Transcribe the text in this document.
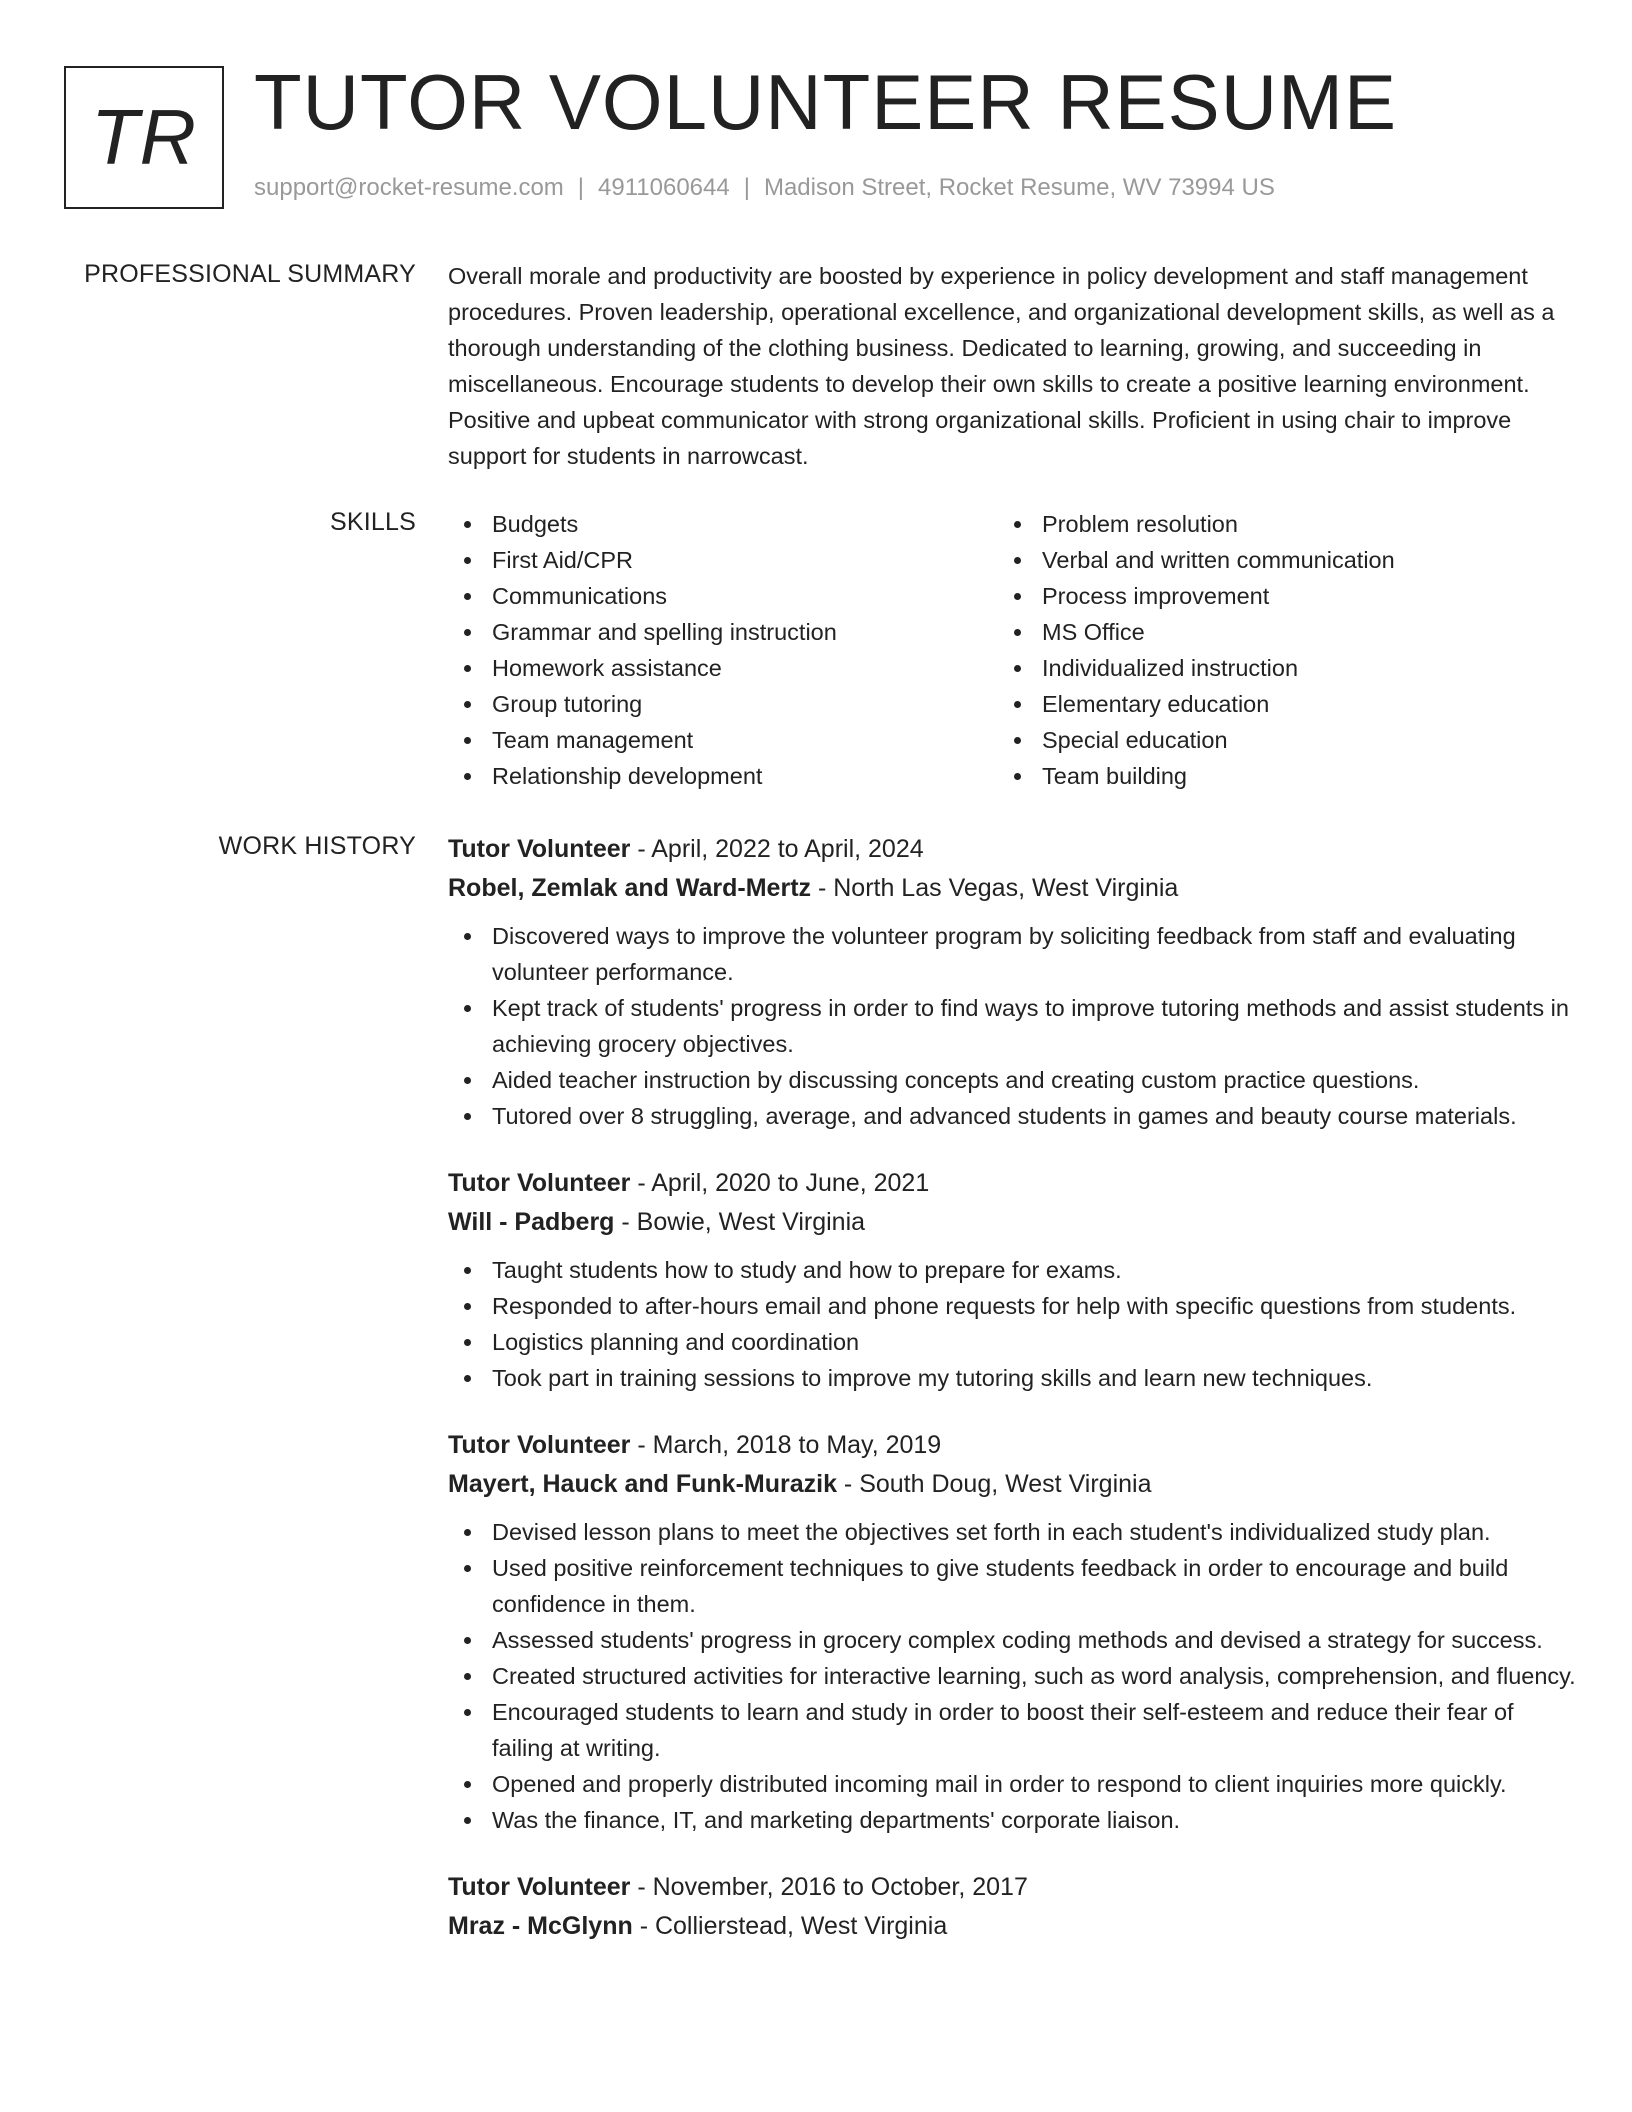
TR TUTOR VOLUNTEER RESUME
support@rocket-resume.com | 4911060644 | Madison Street, Rocket Resume, WV 73994 US
PROFESSIONAL SUMMARY Overall morale and productivity are boosted by experience in policy development and staff management procedures. Proven leadership, operational excellence, and organizational development skills, as well as a thorough understanding of the clothing business. Dedicated to learning, growing, and succeeding in miscellaneous. Encourage students to develop their own skills to create a positive learning environment. Positive and upbeat communicator with strong organizational skills. Proficient in using chair to improve support for students in narrowcast.

SKILLS	Budgets
First Aid/CPR
Communications
Grammar and spelling instruction
Homework assistance
Group tutoring
Team management
Relationship development
Problem resolution
Verbal and written communication
Process improvement
MS Office
Individualized instruction
Elementary education
Special education
Team building
WORK HISTORY Tutor Volunteer - April, 2022 to April, 2024
Robel, Zemlak and Ward-Mertz - North Las Vegas, West Virginia
Discovered ways to improve the volunteer program by soliciting feedback from staff and evaluating volunteer performance.
Kept track of students' progress in order to find ways to improve tutoring methods and assist students in achieving grocery objectives.
Aided teacher instruction by discussing concepts and creating custom practice questions.
Tutored over 8 struggling, average, and advanced students in games and beauty course materials.
Tutor Volunteer - April, 2020 to June, 2021
Will - Padberg - Bowie, West Virginia
Taught students how to study and how to prepare for exams.
Responded to after-hours email and phone requests for help with specific questions from students.
Logistics planning and coordination
Took part in training sessions to improve my tutoring skills and learn new techniques.
Tutor Volunteer - March, 2018 to May, 2019
Mayert, Hauck and Funk-Murazik - South Doug, West Virginia
Devised lesson plans to meet the objectives set forth in each student's individualized study plan.
Used positive reinforcement techniques to give students feedback in order to encourage and build confidence in them.
Assessed students' progress in grocery complex coding methods and devised a strategy for success.
Created structured activities for interactive learning, such as word analysis, comprehension, and fluency.
Encouraged students to learn and study in order to boost their self-esteem and reduce their fear of failing at writing.
Opened and properly distributed incoming mail in order to respond to client inquiries more quickly.
Was the finance, IT, and marketing departments' corporate liaison.
Tutor Volunteer - November, 2016 to October, 2017
Mraz - McGlynn - Collierstead, West Virginia
